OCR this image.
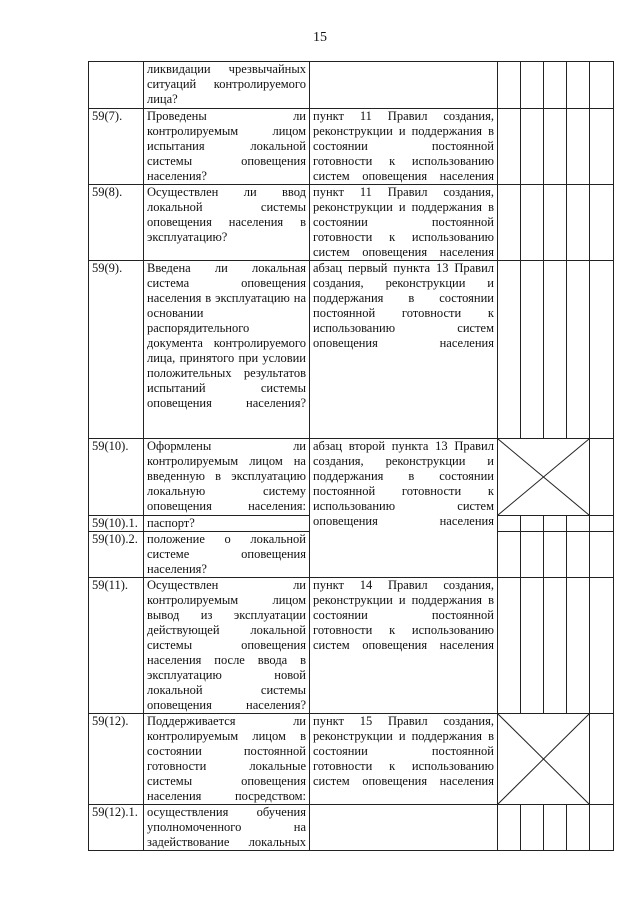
15
	ликвидации чрезвычайных ситуаций контролируемого лица?						
59(7).	Проведены ли контролируемым лицом испытания локальной системы оповещения населения?	пункт 11 Правил создания, реконструкции и поддержания в состоянии постоянной готовности к использованию систем оповещения населения					
59(8).	Осуществлен ли ввод локальной системы оповещения населения в эксплуатацию?	пункт 11 Правил создания, реконструкции и поддержания в состоянии постоянной готовности к использованию систем оповещения населения					
59(9).	Введена ли локальная система оповещения населения в эксплуатацию на основании распорядительного документа контролируемого лица, принятого при условии положительных результатов испытаний системы оповещения населения?	абзац первый пункта 13 Правил создания, реконструкции и поддержания в состоянии постоянной готовности к использованию систем оповещения населения					
59(10).	Оформлены ли контролируемым лицом на введенную в эксплуатацию локальную систему оповещения населения:	абзац второй пункта 13 Правил создания, реконструкции и поддержания в состоянии постоянной готовности к использованию систем оповещения населения	

59(10).1.	паспорт?						
59(10).2.	положение о локальной системе оповещения населения?						
59(11).	Осуществлен ли контролируемым лицом вывод из эксплуатации действующей локальной системы оповещения населения после ввода в эксплуатацию новой локальной системы оповещения населения?	пункт 14 Правил создания, реконструкции и поддержания в состоянии постоянной готовности к использованию систем оповещения населения					
59(12).	Поддерживается ли контролируемым лицом в состоянии постоянной готовности локальные системы оповещения населения посредством:	пункт 15 Правил создания, реконструкции и поддержания в состоянии постоянной готовности к использованию систем оповещения населения	

59(12).1.	осуществления обучения уполномоченного на задействование локальных						
